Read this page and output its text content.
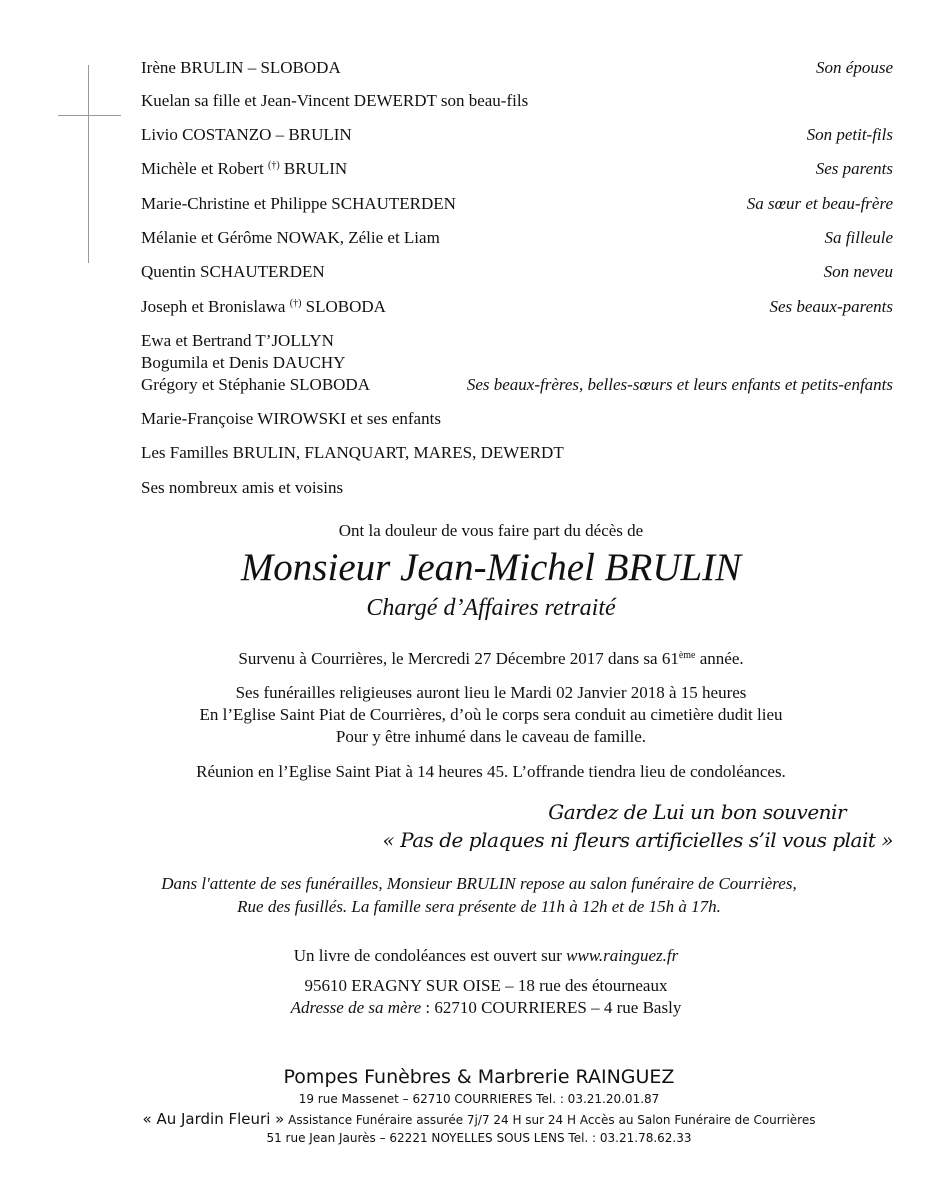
Irène BRULIN – SLOBODA	Son épouse
Kuelan sa fille et Jean-Vincent DEWERDT son beau-fils
Livio COSTANZO – BRULIN	Son petit-fils
Michèle et Robert (†) BRULIN	Ses parents
Marie-Christine et Philippe SCHAUTERDEN	Sa sœur et beau-frère
Mélanie et Gérôme NOWAK, Zélie et Liam	Sa filleule
Quentin SCHAUTERDEN	Son neveu
Joseph et Bronislawa (†) SLOBODA	Ses beaux-parents
Ewa et Bertrand T’JOLLYN
Bogumila et Denis DAUCHY
Grégory et Stéphanie SLOBODA	Ses beaux-frères, belles-sœurs et leurs enfants et petits-enfants
Marie-Françoise WIROWSKI et ses enfants
Les Familles BRULIN, FLANQUART, MARES, DEWERDT
Ses nombreux amis et voisins
Ont la douleur de vous faire part du décès de
Monsieur Jean-Michel BRULIN
Chargé d’Affaires retraité
Survenu à Courrières, le Mercredi 27 Décembre 2017 dans sa 61ème année.
Ses funérailles religieuses auront lieu le Mardi 02 Janvier 2018 à 15 heures
En l’Eglise Saint Piat de Courrières, d’où le corps sera conduit au cimetière dudit lieu
Pour y être inhumé dans le caveau de famille.
Réunion en l’Eglise Saint Piat à 14 heures 45. L’offrande tiendra lieu de condoléances.
Gardez de Lui un bon souvenir
« Pas de plaques ni fleurs artificielles s’il vous plait »
Dans l'attente de ses funérailles, Monsieur BRULIN repose au salon funéraire de Courrières,
Rue des fusillés. La famille sera présente de 11h à 12h et de 15h à 17h.
Un livre de condoléances est ouvert sur www.rainguez.fr
95610 ERAGNY SUR OISE – 18 rue des étourneaux
Adresse de sa mère : 62710 COURRIERES – 4 rue Basly
Pompes Funèbres & Marbrerie RAINGUEZ
19 rue Massenet – 62710 COURRIERES Tel. : 03.21.20.01.87
« Au Jardin Fleuri » Assistance Funéraire assurée 7j/7 24 H sur 24 H Accès au Salon Funéraire de Courrières
51 rue Jean Jaurès – 62221 NOYELLES SOUS LENS Tel. : 03.21.78.62.33
